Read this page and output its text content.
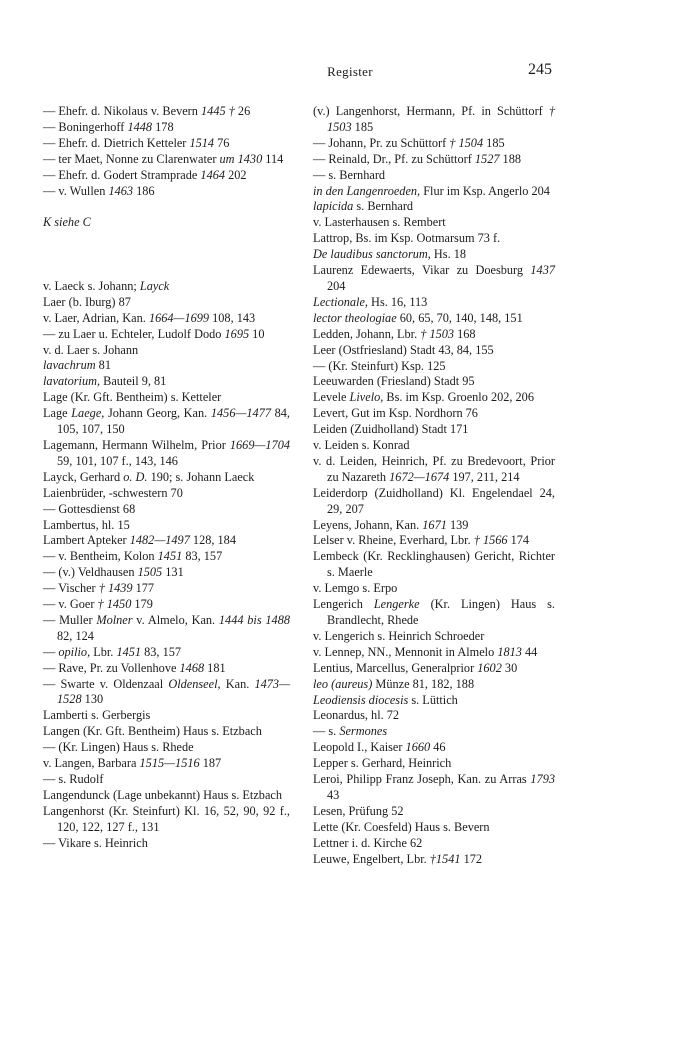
Register	245
— Ehefr. d. Nikolaus v. Bevern 1445 † 26
— Boningerhoff 1448 178
— Ehefr. d. Dietrich Ketteler 1514 76
— ter Maet, Nonne zu Clarenwater um 1430 114
— Ehefr. d. Godert Strampradе 1464 202
— v. Wullen 1463 186
K siehe C
v. Laeck s. Johann; Layck
Laer (b. Iburg) 87
v. Laer, Adrian, Kan. 1664—1699 108, 143
— zu Laer u. Echteler, Ludolf Dodo 1695 10
v. d. Laer s. Johann
lavachrum 81
lavatorium, Bauteil 9, 81
Lage (Kr. Gft. Bentheim) s. Ketteler
Lage Laege, Johann Georg, Kan. 1456—1477 84, 105, 107, 150
Lagemann, Hermann Wilhelm, Prior 1669—1704 59, 101, 107 f., 143, 146
Layck, Gerhard o. D. 190; s. Johann Laeck
Laienbrüder, -schwestern 70
— Gottesdienst 68
Lambertus, hl. 15
Lambert Apteker 1482—1497 128, 184
— v. Bentheim, Kolon 1451 83, 157
— (v.) Veldhausen 1505 131
— Vischer † 1439 177
— v. Goer † 1450 179
— Muller Molner v. Almelo, Kan. 1444 bis 1488 82, 124
— opilio, Lbr. 1451 83, 157
— Rave, Pr. zu Vollenhove 1468 181
— Swarte v. Oldenzaal Oldenseel, Kan. 1473—1528 130
Lamberti s. Gerbergis
Langen (Kr. Gft. Bentheim) Haus s. Etzbach
— (Kr. Lingen) Haus s. Rhede
v. Langen, Barbara 1515—1516 187
— s. Rudolf
Langendunck (Lage unbekannt) Haus s. Etzbach
Langenhorst (Kr. Steinfurt) Kl. 16, 52, 90, 92 f., 120, 122, 127 f., 131
— Vikare s. Heinrich
(v.) Langenhorst, Hermann, Pf. in Schüttorf † 1503 185
— Johann, Pr. zu Schüttorf † 1504 185
— Reinald, Dr., Pf. zu Schüttorf 1527 188
— s. Bernhard
in den Langenroeden, Flur im Ksp. Angerlo 204
lapicida s. Bernhard
v. Lasterhausen s. Rembert
Lattrop, Bs. im Ksp. Ootmarsum 73 f.
De laudibus sanctorum, Hs. 18
Laurenz Edewaerts, Vikar zu Doesburg 1437 204
Lectionale, Hs. 16, 113
lector theologiae 60, 65, 70, 140, 148, 151
Ledden, Johann, Lbr. † 1503 168
Leer (Ostfriesland) Stadt 43, 84, 155
— (Kr. Steinfurt) Ksp. 125
Leeuwarden (Friesland) Stadt 95
Levele Livelo, Bs. im Ksp. Groenlo 202, 206
Levert, Gut im Ksp. Nordhorn 76
Leiden (Zuidholland) Stadt 171
v. Leiden s. Konrad
v. d. Leiden, Heinrich, Pf. zu Bredevoort, Prior zu Nazareth 1672—1674 197, 211, 214
Leiderdorp (Zuidholland) Kl. Engelendael 24, 29, 207
Leyens, Johann, Kan. 1671 139
Lelser v. Rheine, Everhard, Lbr. † 1566 174
Lembeck (Kr. Recklinghausen) Gericht, Richter s. Maerle
v. Lemgo s. Erpo
Lengerich Lengerke (Kr. Lingen) Haus s. Brandlecht, Rhede
v. Lengerich s. Heinrich Schroeder
v. Lennep, NN., Mennonit in Almelo 1813 44
Lentius, Marcellus, Generalprior 1602 30
leo (aureus) Münze 81, 182, 188
Leodiensis diocesis s. Lüttich
Leonardus, hl. 72
— s. Sermones
Leopold I., Kaiser 1660 46
Lepper s. Gerhard, Heinrich
Leroi, Philipp Franz Joseph, Kan. zu Arras 1793 43
Lesen, Prüfung 52
Lette (Kr. Coesfeld) Haus s. Bevern
Lettner i. d. Kirche 62
Leuwe, Engelbert, Lbr. †1541 172
